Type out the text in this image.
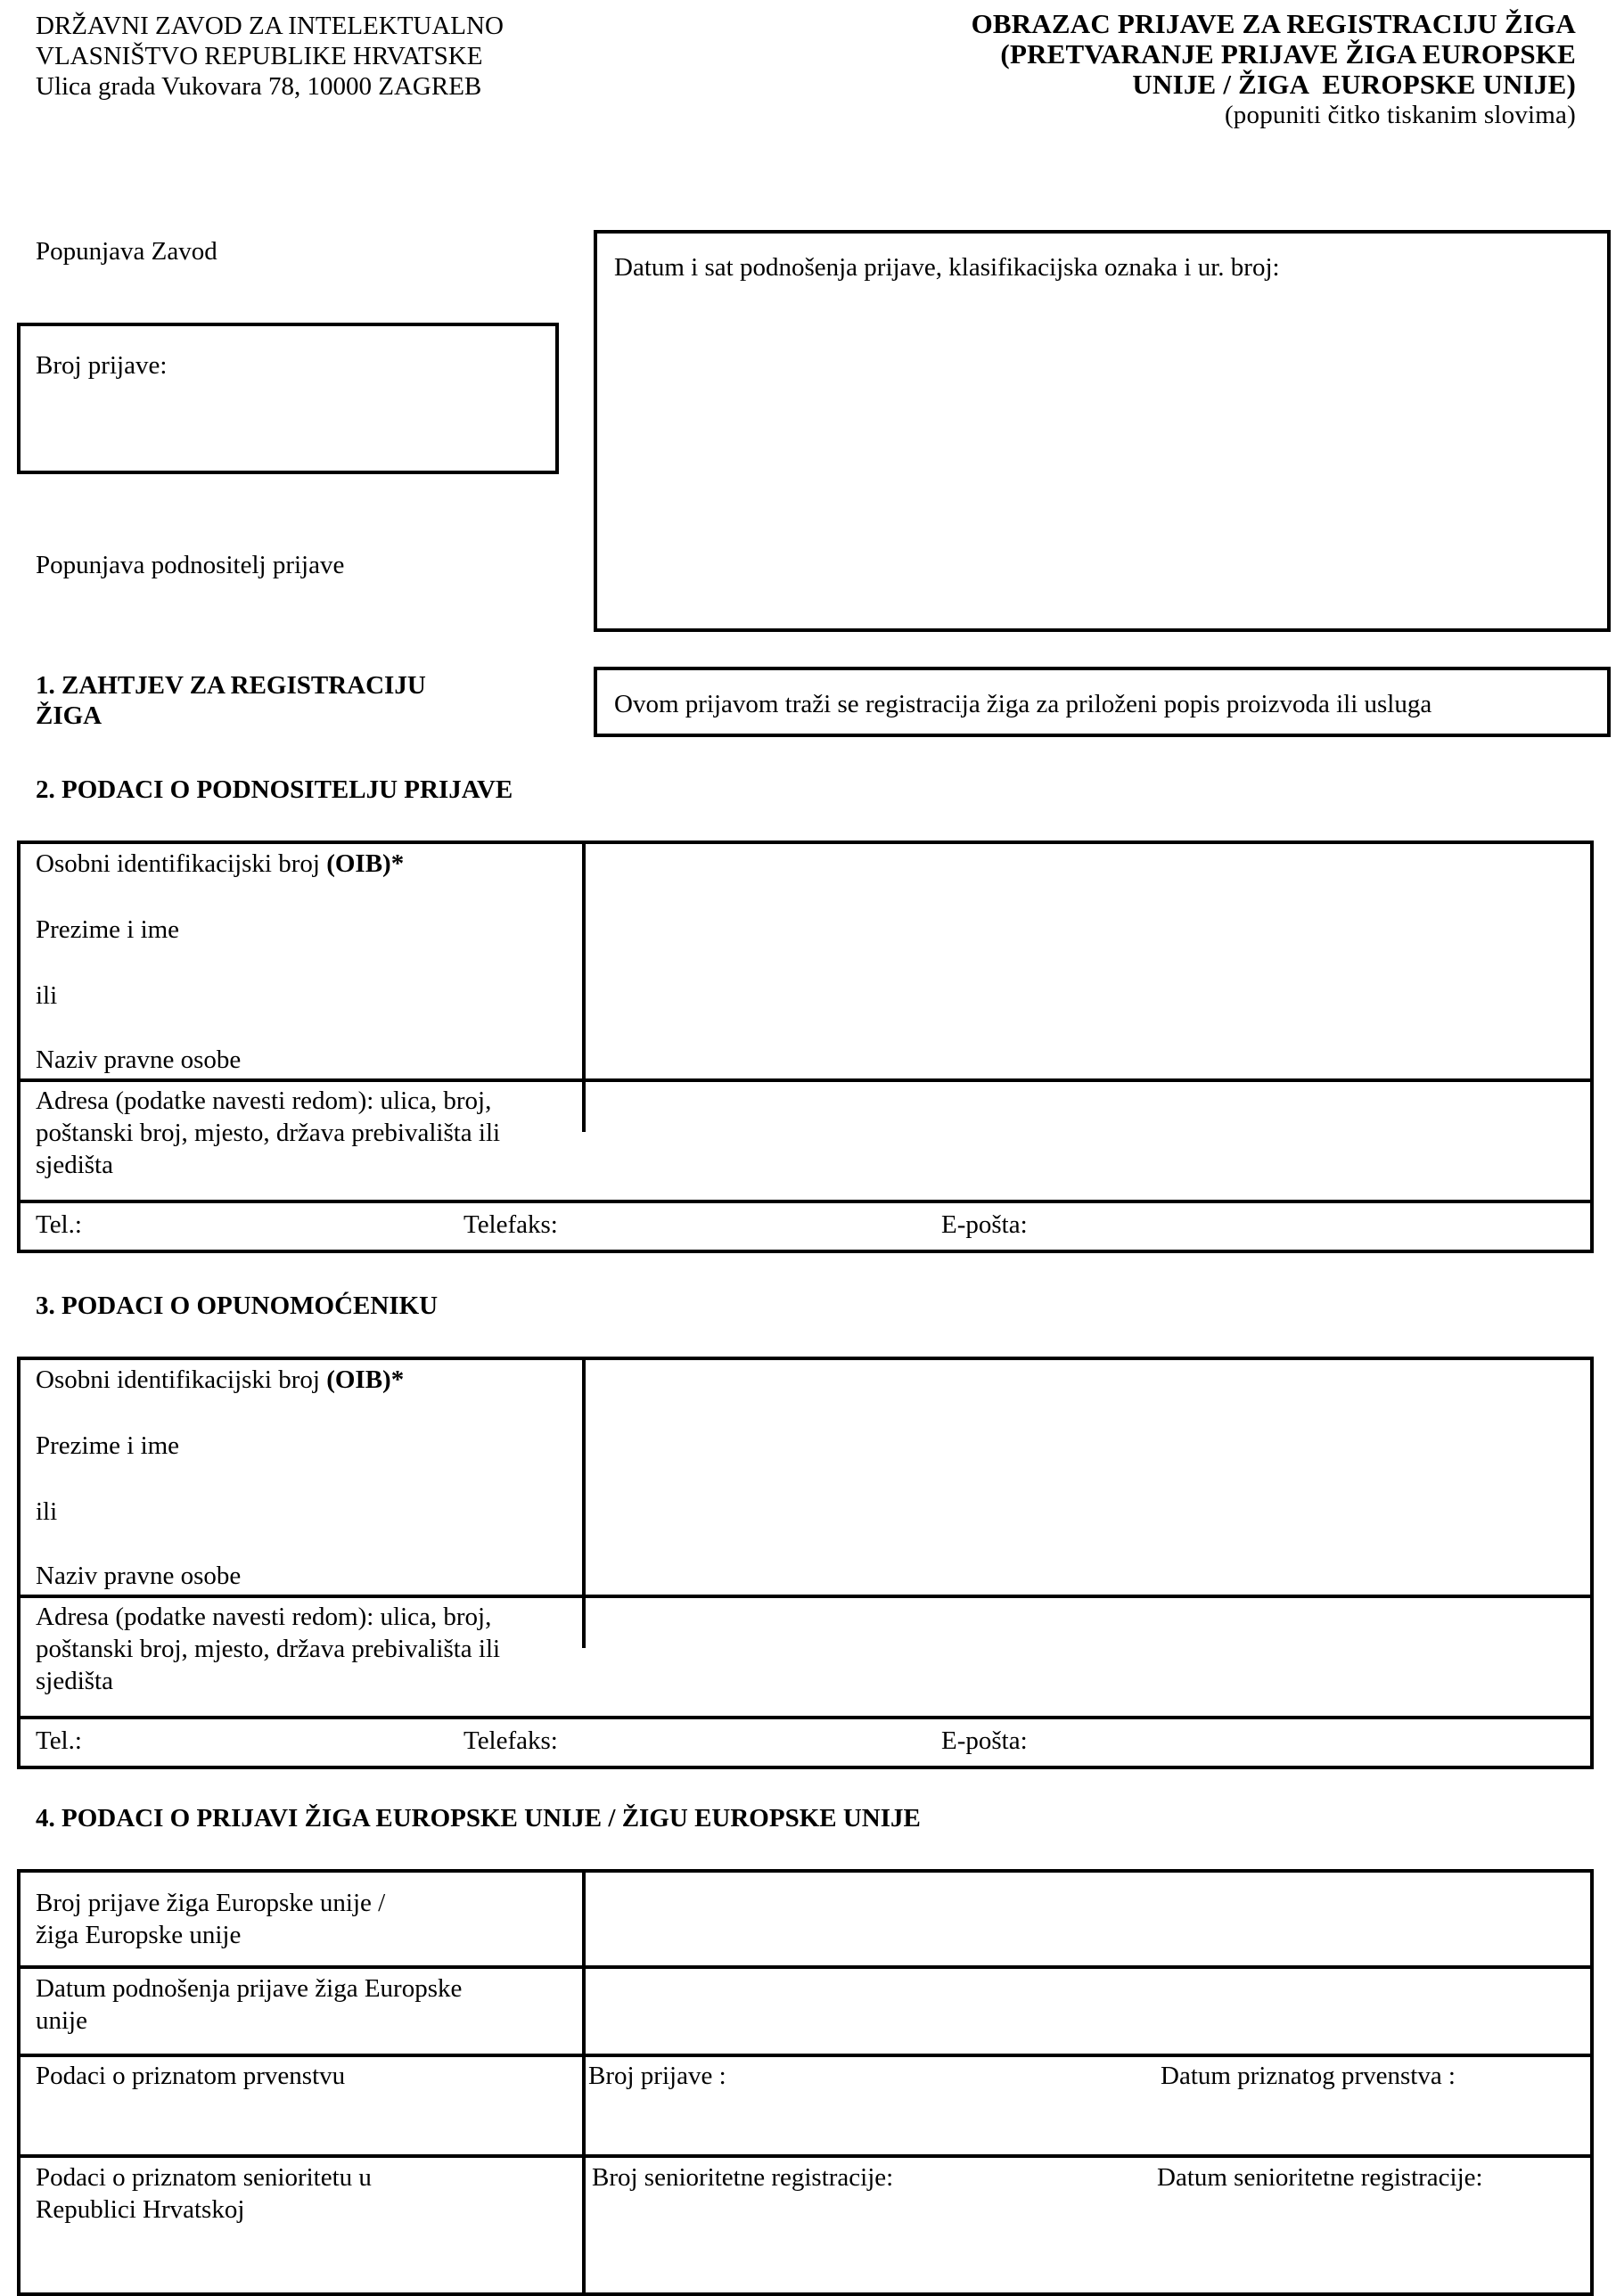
DRŽAVNI ZAVOD ZA INTELEKTUALNO
VLASNIŠTVO REPUBLIKE HRVATSKE
Ulica grada Vukovara 78, 10000 ZAGREB
OBRAZAC PRIJAVE ZA REGISTRACIJU ŽIGA
(PRETVARANJE PRIJAVE ŽIGA EUROPSKE
UNIJE / ŽIGA  EUROPSKE UNIJE)
(popuniti čitko tiskanim slovima)
Popunjava Zavod
Broj prijave:
Datum i sat podnošenja prijave, klasifikacijska oznaka i ur. broj:
Popunjava podnositelj prijave
1. ZAHTJEV ZA REGISTRACIJU
ŽIGA	Ovom prijavom traži se registracija žiga za priloženi popis proizvoda ili usluga
2. PODACI O PODNOSITELJU PRIJAVE
Osobni identifikacijski broj (OIB)*
Prezime i ime
ili
Naziv pravne osobe
Adresa (podatke navesti redom): ulica, broj,
poštanski broj, mjesto, država prebivališta ili
sjedišta
Tel.:	Telefaks:	E-pošta:
3. PODACI O OPUNOMOĆENIKU
Osobni identifikacijski broj (OIB)*
Prezime i ime
ili
Naziv pravne osobe
Adresa (podatke navesti redom): ulica, broj,
poštanski broj, mjesto, država prebivališta ili
sjedišta
Tel.:	Telefaks:	E-pošta:
4. PODACI O PRIJAVI ŽIGA EUROPSKE UNIJE / ŽIGU EUROPSKE UNIJE
Broj prijave žiga Europske unije /
žiga Europske unije
Datum podnošenja prijave žiga Europske
unije
Podaci o priznatom prvenstvu	Broj prijave :	Datum priznatog prvenstva :
Podaci o priznatom senioritetu u
Republici Hrvatskoj
Broj senioritetne registracije:	Datum senioritetne registracije:
